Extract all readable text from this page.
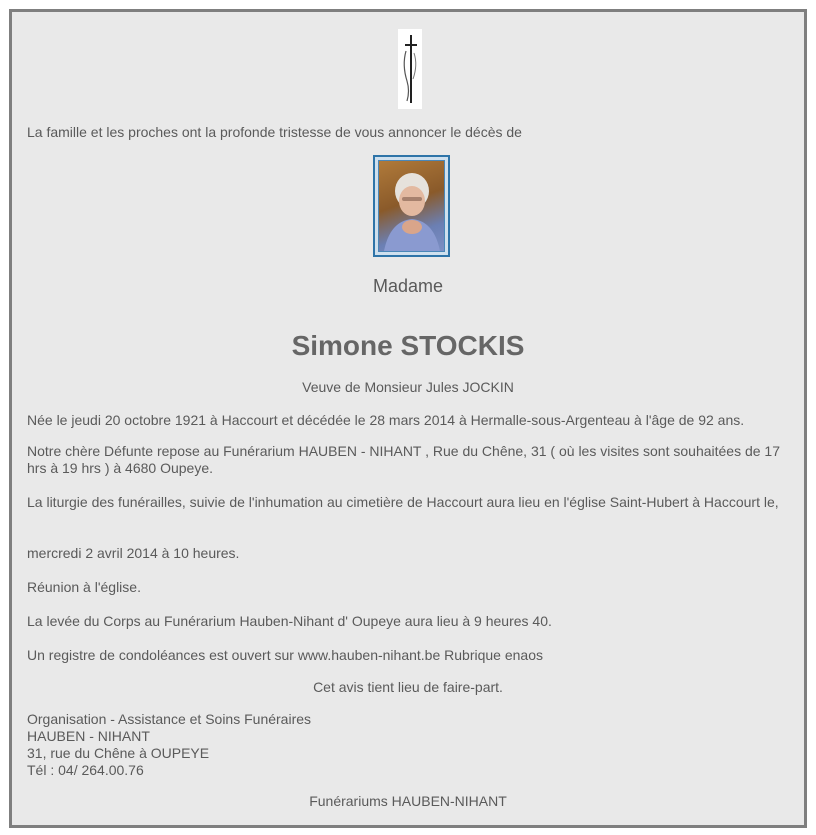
La famille et les proches ont la profonde tristesse de vous annoncer le décès de

Madame

Simone STOCKIS

Veuve de Monsieur Jules JOCKIN

Née le jeudi 20 octobre 1921 à Haccourt et décédée le 28 mars 2014 à Hermalle-sous-Argenteau à l'âge de 92 ans.

Notre chère Défunte repose au Funérarium HAUBEN - NIHANT , Rue du Chêne, 31 ( où les visites sont souhaitées de 17 hrs à 19 hrs ) à 4680 Oupeye.

La liturgie des funérailles, suivie de l'inhumation au cimetière de Haccourt aura lieu en l'église Saint-Hubert à Haccourt le,

mercredi 2 avril 2014 à 10 heures.

Réunion à l'église.

La levée du Corps au Funérarium Hauben-Nihant d' Oupeye aura lieu à 9 heures 40.

Un registre de condoléances est ouvert sur www.hauben-nihant.be Rubrique enaos

Cet avis tient lieu de faire-part.

Organisation - Assistance et Soins Funéraires
HAUBEN - NIHANT
31, rue du Chêne à OUPEYE
Tél : 04/ 264.00.76

Funérariums HAUBEN-NIHANT
